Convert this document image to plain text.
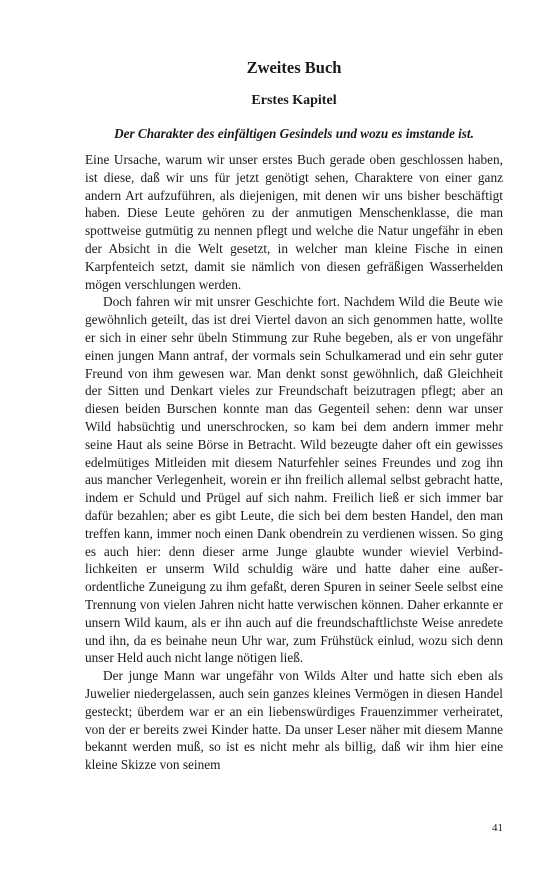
Zweites Buch
Erstes Kapitel
Der Charakter des einfältigen Gesindels und wozu es imstande ist.

Eine Ursache, warum wir unser erstes Buch gerade oben geschlossen haben, ist diese, daß wir uns für jetzt genötigt sehen, Charaktere von einer ganz andern Art aufzuführen, als diejenigen, mit denen wir uns bisher beschäftigt haben. Diese Leute gehören zu der anmutigen Menschenklasse, die man spottweise gutmütig zu nennen pflegt und welche die Natur ungefähr in eben der Absicht in die Welt gesetzt, in welcher man kleine Fische in einen Karpfenteich setzt, damit sie nämlich von diesen gefräßigen Wasserhelden mögen verschlungen werden.

Doch fahren wir mit unsrer Geschichte fort. Nachdem Wild die Beute wie gewöhnlich geteilt, das ist drei Viertel davon an sich genommen hatte, wollte er sich in einer sehr übeln Stimmung zur Ruhe begeben, als er von ungefähr einen jungen Mann antraf, der vormals sein Schulkamerad und ein sehr guter Freund von ihm gewesen war. Man denkt sonst gewöhnlich, daß Gleichheit der Sitten und Denkart vieles zur Freundschaft beizutragen pflegt; aber an diesen beiden Burschen konnte man das Gegenteil sehen: denn war unser Wild habsüchtig und unerschrocken, so kam bei dem andern immer mehr seine Haut als seine Börse in Betracht. Wild bezeugte daher oft ein gewisses edelmütiges Mitleiden mit diesem Naturfehler seines Freundes und zog ihn aus mancher Verlegenheit, worein er ihn freilich allemal selbst gebracht hatte, indem er Schuld und Prügel auf sich nahm. Freilich ließ er sich immer bar dafür bezahlen; aber es gibt Leute, die sich bei dem besten Handel, den man treffen kann, immer noch einen Dank obendrein zu verdienen wissen. So ging es auch hier: denn dieser arme Junge glaubte wunder wieviel Verbindlichkeiten er unserm Wild schuldig wäre und hatte daher eine außerordentliche Zuneigung zu ihm gefaßt, deren Spuren in seiner Seele selbst eine Trennung von vielen Jahren nicht hatte verwischen können. Daher erkannte er unsern Wild kaum, als er ihn auch auf die freundschaftlichste Weise anredete und ihn, da es beinahe neun Uhr war, zum Frühstück einlud, wozu sich denn unser Held auch nicht lange nötigen ließ.

Der junge Mann war ungefähr von Wilds Alter und hatte sich eben als Juwelier niedergelassen, auch sein ganzes kleines Vermögen in diesen Handel gesteckt; überdem war er an ein liebenswürdiges Frauenzimmer verheiratet, von der er bereits zwei Kinder hatte. Da unser Leser näher mit diesem Manne bekannt werden muß, so ist es nicht mehr als billig, daß wir ihm hier eine kleine Skizze von seinem

41
